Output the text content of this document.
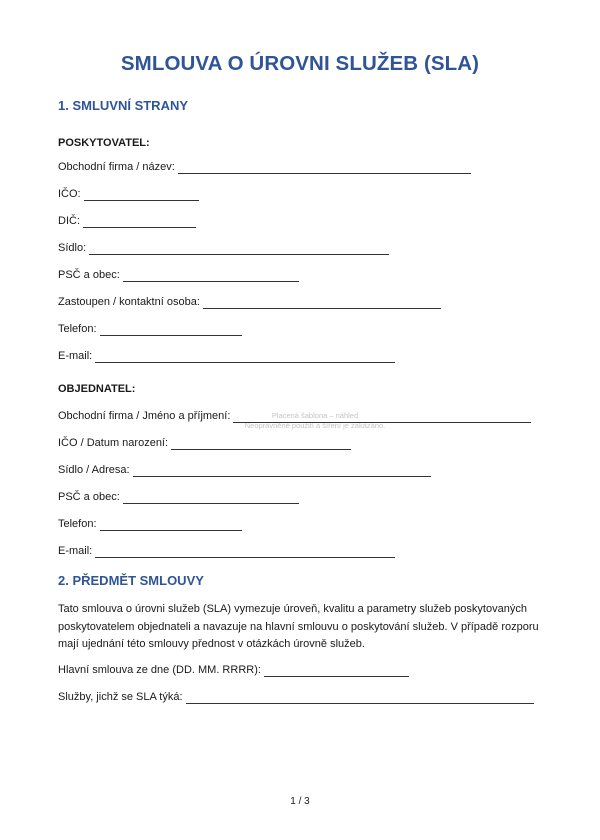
SMLOUVA O ÚROVNI SLUŽEB (SLA)
1. SMLUVNÍ STRANY

POSKYTOVATEL:

Obchodní firma / název:
IČO:
DIČ:
Sídlo:
PSČ a obec:
Zastoupen / kontaktní osoba:
Telefon:
E-mail:

OBJEDNATEL:

Placená šablona – náhled
Neoprávněné použití a šíření je zakázáno.
Obchodní firma / Jméno a příjmení:
IČO / Datum narození:
Sídlo / Adresa:
PSČ a obec:
Telefon:
E-mail:
2. PŘEDMĚT SMLOUVY

Tato smlouva o úrovni služeb (SLA) vymezuje úroveň, kvalitu a parametry služeb poskytovaných poskytovatelem objednateli a navazuje na hlavní smlouvu o poskytování služeb. V případě rozporu mají ujednání této smlouvy přednost v otázkách úrovně služeb.

Hlavní smlouva ze dne (DD. MM. RRRR):
Služby, jichž se SLA týká:

1 / 3
